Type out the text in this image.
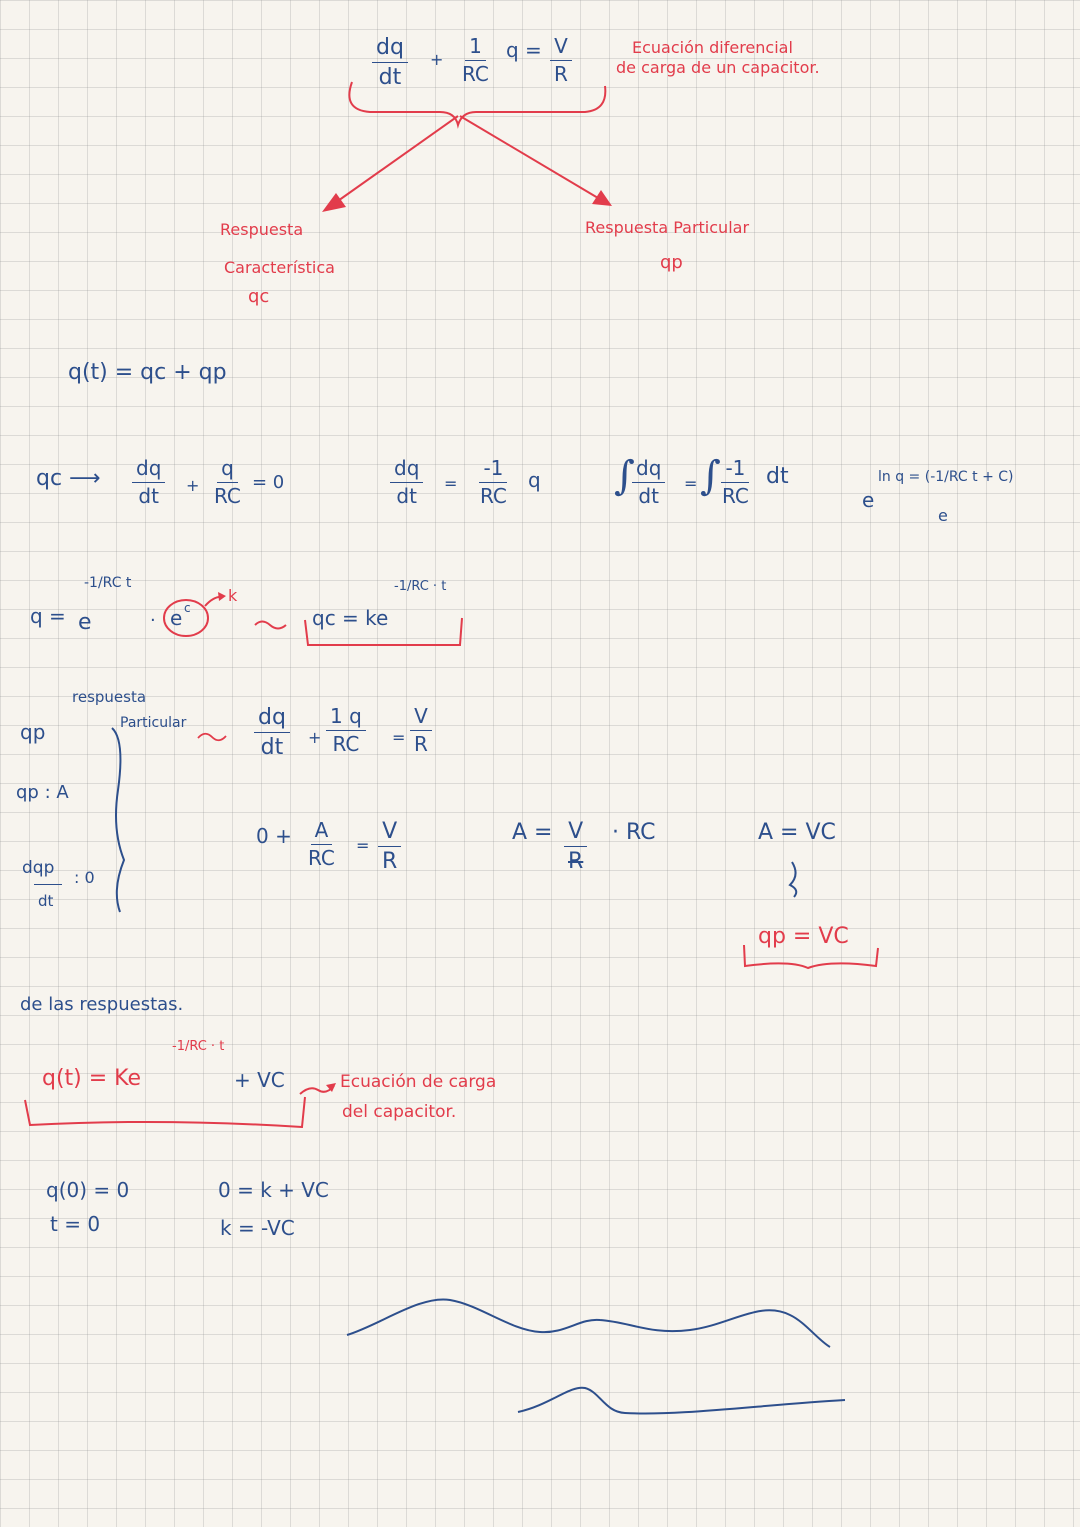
$\frac{dq}{dt} + \frac{1}{RC}$ $q = \frac{V}{R}$	Ecuación diferencial
de carga de un capacitor.
Respuesta
Característica
qc
Respuesta Particular
qp
q(t) = qc + qp
qc ⟶ $\frac{dq}{dt} + \frac{q}{RC} = 0$	$\frac{dq}{dt} = \frac{-1}{RC}$ q ∫
$\frac{dq}{dt}$ = ∫
$\frac{-1}{RC}$ dt
e
ln q = (-1/RC t + C)
e
q = e
-1/RC t
· e c
k
qc = ke
-1/RC · t
qp
respuesta
Particular
qp : A
dqp
dt
: 0
$\frac{dq}{dt} + \frac{1 q}{RC} = \frac{V}{R}$
$0 + \frac{A}{RC} = \frac{V}{R}$	$A = \frac{V}{R}$ · RC	A = VC
qp = VC
de las respuestas.
q(t) = Ke
-1/RC · t
+ VC	Ecuación de carga
del capacitor.
q(0) = 0
t = 0
0 = k + VC
k = -VC
